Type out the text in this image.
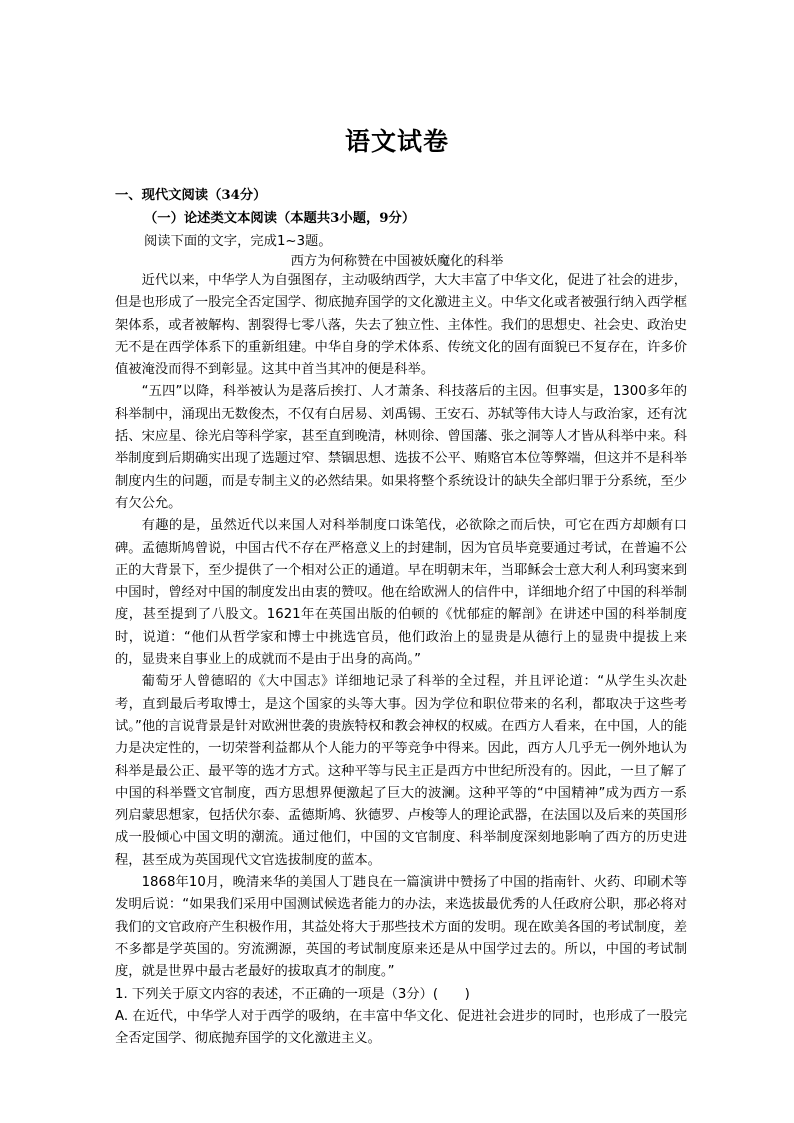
语文试卷
一、现代文阅读（34分）
（一）论述类文本阅读（本题共3小题，9分）
阅读下面的文字，完成1~3题。
西方为何称赞在中国被妖魔化的科举

近代以来，中华学人为自强图存，主动吸纳西学，大大丰富了中华文化，促进了社会的进步，但是也形成了一股完全否定国学、彻底抛弃国学的文化激进主义。中华文化或者被强行纳入西学框架体系，或者被解构、割裂得七零八落，失去了独立性、主体性。我们的思想史、社会史、政治史无不是在西学体系下的重新组建。中华自身的学术体系、传统文化的固有面貌已不复存在，许多价值被淹没而得不到彰显。这其中首当其冲的便是科举。

“五四”以降，科举被认为是落后挨打、人才萧条、科技落后的主因。但事实是，1300多年的科举制中，涌现出无数俊杰，不仅有白居易、刘禹锡、王安石、苏轼等伟大诗人与政治家，还有沈括、宋应星、徐光启等科学家，甚至直到晚清，林则徐、曾国藩、张之洞等人才皆从科举中来。科举制度到后期确实出现了选题过窄、禁锢思想、选拔不公平、贿赂官本位等弊端，但这并不是科举制度内生的问题，而是专制主义的必然结果。如果将整个系统设计的缺失全部归罪于分系统，至少有欠公允。

有趣的是，虽然近代以来国人对科举制度口诛笔伐，必欲除之而后快，可它在西方却颇有口碑。孟德斯鸠曾说，中国古代不存在严格意义上的封建制，因为官员毕竟要通过考试，在普遍不公正的大背景下，至少提供了一个相对公正的通道。早在明朝末年，当耶稣会士意大利人利玛窦来到中国时，曾经对中国的制度发出由衷的赞叹。他在给欧洲人的信件中，详细地介绍了中国的科举制度，甚至提到了八股文。1621年在英国出版的伯顿的《忧郁症的解剖》在讲述中国的科举制度时，说道：“他们从哲学家和博士中挑选官员，他们政治上的显贵是从德行上的显贵中提拔上来的，显贵来自事业上的成就而不是由于出身的高尚。”

葡萄牙人曾德昭的《大中国志》详细地记录了科举的全过程，并且评论道：“从学生头次赴考，直到最后考取博士，是这个国家的头等大事。因为学位和职位带来的名利，都取决于这些考试。”他的言说背景是针对欧洲世袭的贵族特权和教会神权的权威。在西方人看来，在中国，人的能力是决定性的，一切荣誉利益都从个人能力的平等竞争中得来。因此，西方人几乎无一例外地认为科举是最公正、最平等的选才方式。这种平等与民主正是西方中世纪所没有的。因此，一旦了解了中国的科举暨文官制度，西方思想界便激起了巨大的波澜。这种平等的“中国精神”成为西方一系列启蒙思想家，包括伏尔泰、孟德斯鸠、狄德罗、卢梭等人的理论武器，在法国以及后来的英国形成一股倾心中国文明的潮流。通过他们，中国的文官制度、科举制度深刻地影响了西方的历史进程，甚至成为英国现代文官选拔制度的蓝本。

1868年10月，晚清来华的美国人丁韪良在一篇演讲中赞扬了中国的指南针、火药、印刷术等发明后说：“如果我们采用中国测试候选者能力的办法，来选拔最优秀的人任政府公职，那必将对我们的文官政府产生积极作用，其益处将大于那些技术方面的发明。现在欧美各国的考试制度，差不多都是学英国的。穷流溯源，英国的考试制度原来还是从中国学过去的。所以，中国的考试制度，就是世界中最古老最好的拔取真才的制度。”

1. 下列关于原文内容的表述，不正确的一项是（3分）(　　)

A. 在近代，中华学人对于西学的吸纳，在丰富中华文化、促进社会进步的同时，也形成了一股完全否定国学、彻底抛弃国学的文化激进主义。
